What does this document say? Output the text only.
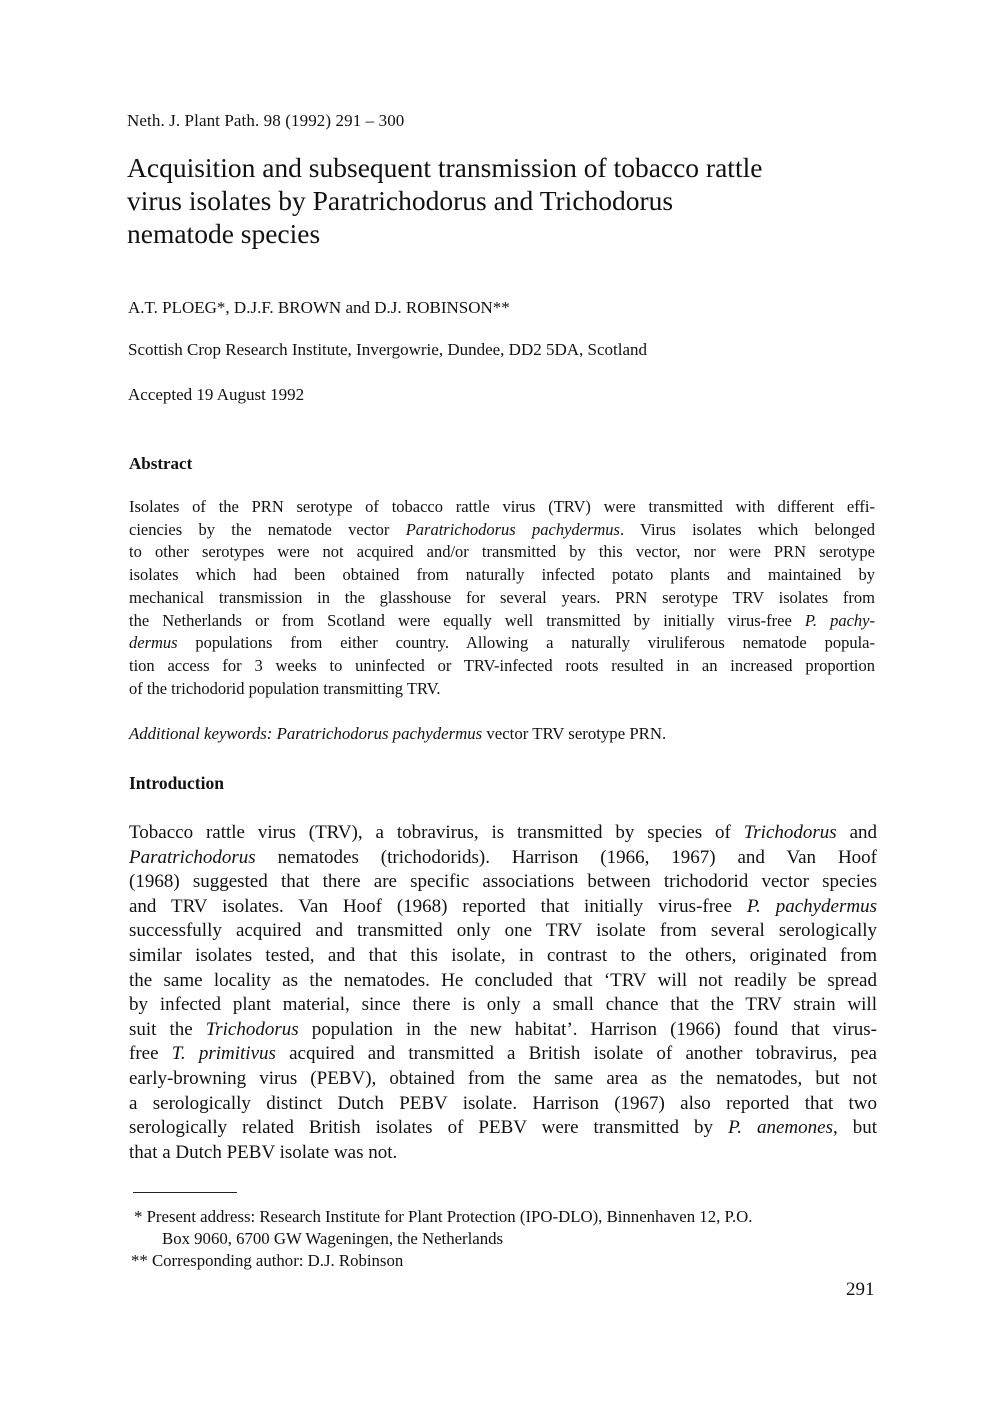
Neth. J. Plant Path. 98 (1992) 291 – 300
Acquisition and subsequent transmission of tobacco rattle
virus isolates by Paratrichodorus and Trichodorus
nematode species
A.T. PLOEG*, D.J.F. BROWN and D.J. ROBINSON**
Scottish Crop Research Institute, Invergowrie, Dundee, DD2 5DA, Scotland
Accepted 19 August 1992
Abstract
Isolates of the PRN serotype of tobacco rattle virus (TRV) were transmitted with different effi-
ciencies by the nematode vector Paratrichodorus pachydermus. Virus isolates which belonged
to other serotypes were not acquired and/or transmitted by this vector, nor were PRN serotype
isolates which had been obtained from naturally infected potato plants and maintained by
mechanical transmission in the glasshouse for several years. PRN serotype TRV isolates from
the Netherlands or from Scotland were equally well transmitted by initially virus-free P. pachy-
dermus populations from either country. Allowing a naturally viruliferous nematode popula-
tion access for 3 weeks to uninfected or TRV-infected roots resulted in an increased proportion
of the trichodorid population transmitting TRV.
Additional keywords: Paratrichodorus pachydermus vector TRV serotype PRN.
Introduction
Tobacco rattle virus (TRV), a tobravirus, is transmitted by species of Trichodorus and
Paratrichodorus nematodes (trichodorids). Harrison (1966, 1967) and Van Hoof
(1968) suggested that there are specific associations between trichodorid vector species
and TRV isolates. Van Hoof (1968) reported that initially virus-free P. pachydermus
successfully acquired and transmitted only one TRV isolate from several serologically
similar isolates tested, and that this isolate, in contrast to the others, originated from
the same locality as the nematodes. He concluded that ‘TRV will not readily be spread
by infected plant material, since there is only a small chance that the TRV strain will
suit the Trichodorus population in the new habitat’. Harrison (1966) found that virus-
free T. primitivus acquired and transmitted a British isolate of another tobravirus, pea
early-browning virus (PEBV), obtained from the same area as the nematodes, but not
a serologically distinct Dutch PEBV isolate. Harrison (1967) also reported that two
serologically related British isolates of PEBV were transmitted by P. anemones, but
that a Dutch PEBV isolate was not.
* Present address: Research Institute for Plant Protection (IPO-DLO), Binnenhaven 12, P.O.
Box 9060, 6700 GW Wageningen, the Netherlands
** Corresponding author: D.J. Robinson
291
